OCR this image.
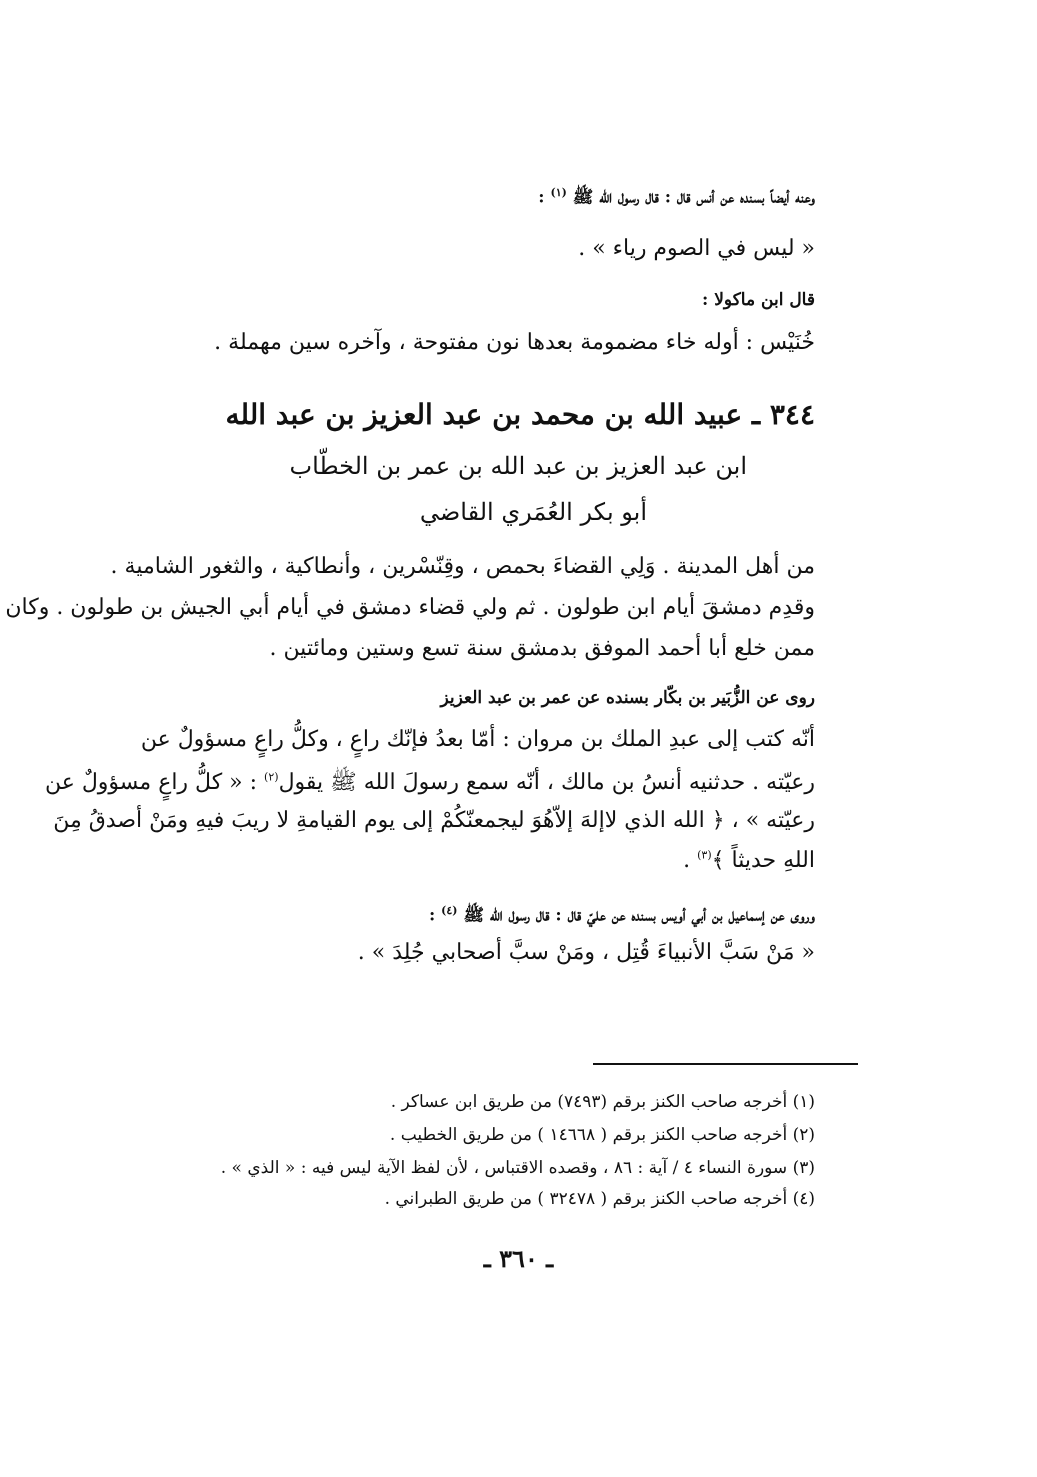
وعنه أيضاً بسنده عن أنس قال : قال رسول الله ﷺ $^{(١)}$ :

« ليس في الصوم رياء » .

قال ابن ماكولا :

خُنَيْس : أوله خاء مضمومة بعدها نون مفتوحة ، وآخره سين مهملة .

٣٤٤ ـ عبيد الله بن محمد بن عبد العزيز بن عبد الله

ابن عبد العزيز بن عبد الله بن عمر بن الخطّاب

أبو بكر العُمَري القاضي

من أهل المدينة . وَلِي القضاءَ بحمص ، وقِنّسْرين ، وأنطاكية ، والثغور الشامية .

وقدِم دمشقَ أيام ابن طولون . ثم ولي قضاء دمشق في أيام أبي الجيش بن طولون . وكان

ممن خلع أبا أحمد الموفق بدمشق سنة تسع وستين ومائتين .

روى عن الزُّبَير بن بكّار بسنده عن عمر بن عبد العزيز

أنّه كتب إلى عبدِ الملك بن مروان : أمّا بعدُ فإنّك راعٍ ، وكلُّ راعٍ مسؤولٌ عن

رعيّته . حدثنيه أنسُ بن مالك ، أنّه سمع رسولَ الله ﷺ يقول$^{(٢)}$ : « كلُّ راعٍ مسؤولٌ عن

رعيّته » ، ﴿ الله الذي لاإلهَ إلاّهُوَ ليجمعنّكُمْ إلى يوم القيامةِ لا ريبَ فيهِ ومَنْ أصدقُ مِنَ

اللهِ حديثاً ﴾$^{(٣)}$ .

وروى عن إسماعيل بن أبي أويس بسنده عن عليّ قال : قال رسول الله ﷺ $^{(٤)}$ :

« مَنْ سَبَّ الأنبياءَ قُتِل ، ومَنْ سبَّ أصحابي جُلِدَ » .

(١) أخرجه صاحب الكنز برقم (٧٤٩٣) من طريق ابن عساكر .

(٢) أخرجه صاحب الكنز برقم ( ١٤٦٦٨ ) من طريق الخطيب .

(٣) سورة النساء ٤ / آية : ٨٦ ، وقصده الاقتباس ، لأن لفظ الآية ليس فيه : « الذي » .

(٤) أخرجه صاحب الكنز برقم ( ٣٢٤٧٨ ) من طريق الطبراني .

ـ ٣٦٠ ـ
